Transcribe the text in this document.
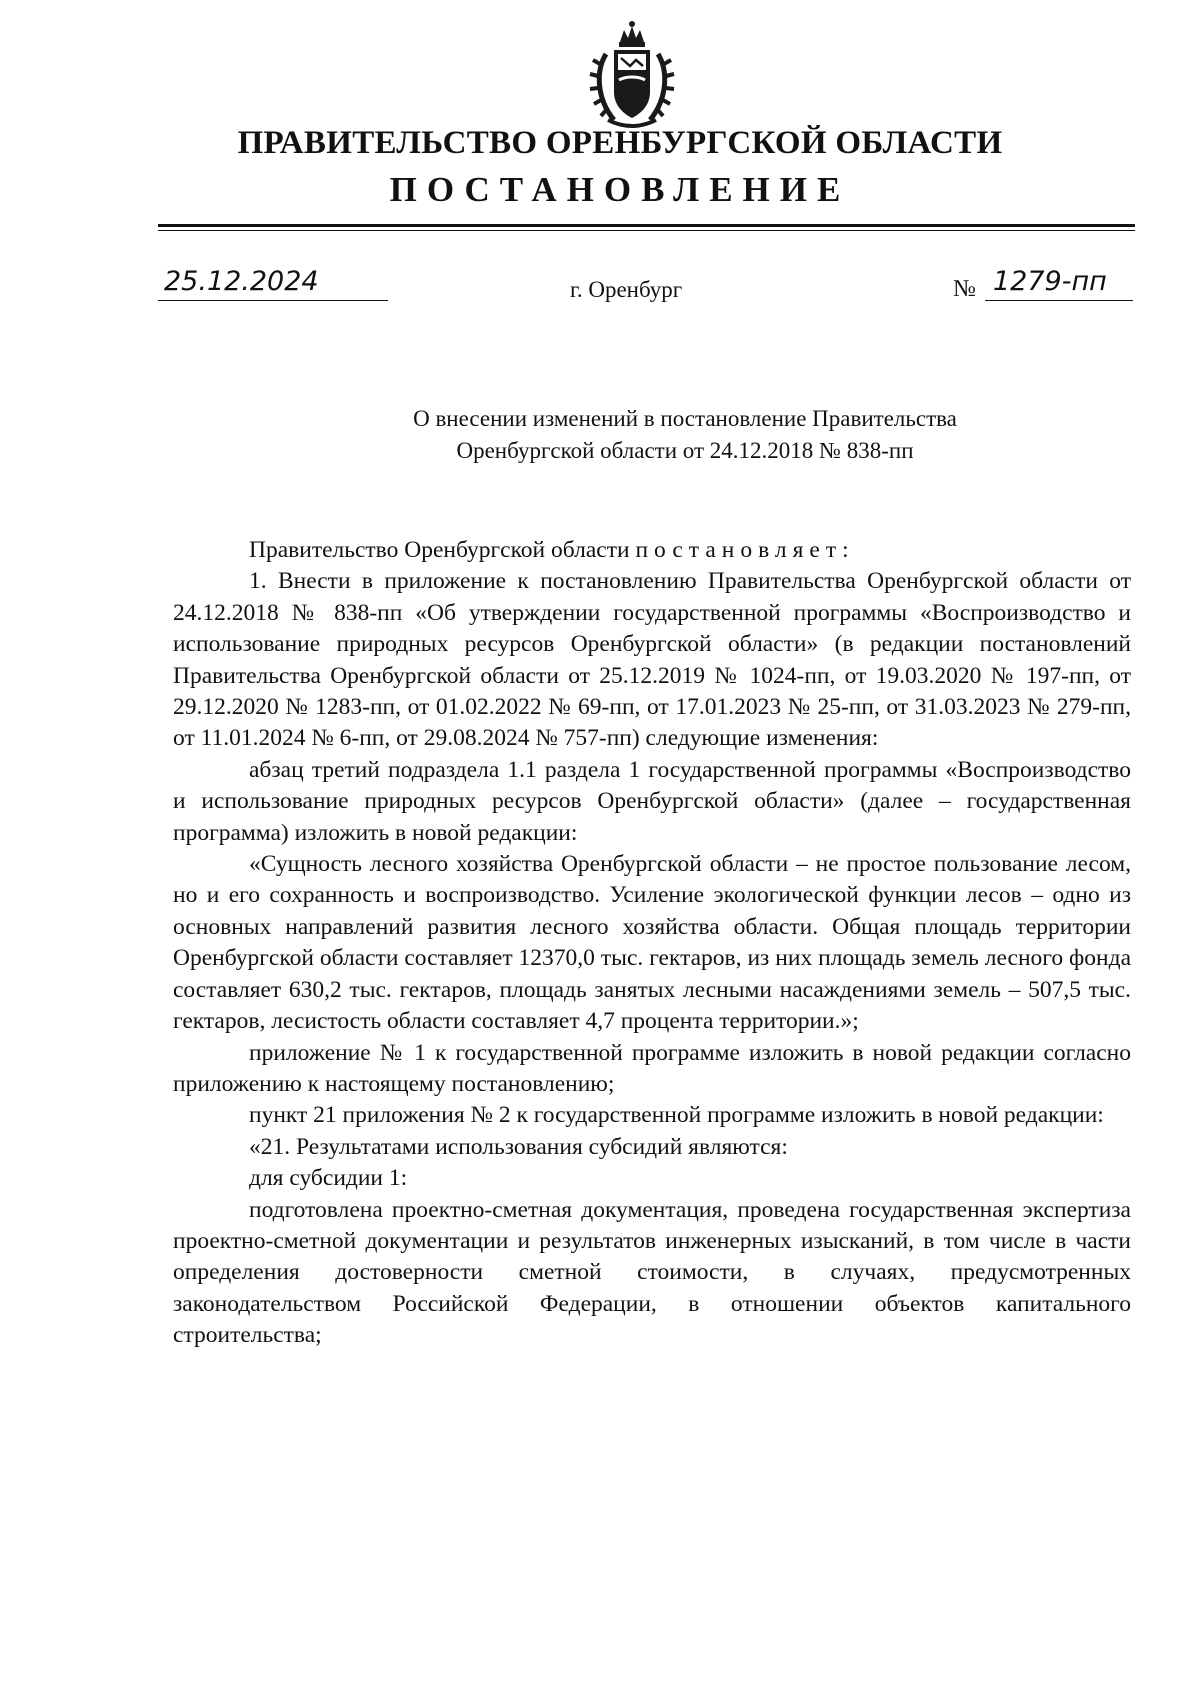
ПРАВИТЕЛЬСТВО ОРЕНБУРГСКОЙ ОБЛАСТИ
ПОСТАНОВЛЕНИЕ
25.12.2024	г. Оренбург	№ 1279-пп
О внесении изменений в постановление Правительства
Оренбургской области от 24.12.2018 № 838-пп

Правительство Оренбургской области постановляет:

1. Внести в приложение к постановлению Правительства Оренбургской области от 24.12.2018 № 838-пп «Об утверждении государственной программы «Воспроизводство и использование природных ресурсов Оренбургской области» (в редакции постановлений Правительства Оренбургской области от 25.12.2019 № 1024-пп, от 19.03.2020 № 197-пп, от 29.12.2020 № 1283-пп, от 01.02.2022 № 69-пп, от 17.01.2023 № 25-пп, от 31.03.2023 № 279-пп, от 11.01.2024 № 6-пп, от 29.08.2024 № 757-пп) следующие изменения:

абзац третий подраздела 1.1 раздела 1 государственной программы «Воспроизводство и использование природных ресурсов Оренбургской области» (далее – государственная программа) изложить в новой редакции:

«Сущность лесного хозяйства Оренбургской области – не простое пользование лесом, но и его сохранность и воспроизводство. Усиление экологической функции лесов – одно из основных направлений развития лесного хозяйства области. Общая площадь территории Оренбургской области составляет 12370,0 тыс. гектаров, из них площадь земель лесного фонда составляет 630,2 тыс. гектаров, площадь занятых лесными насаждениями земель – 507,5 тыс. гектаров, лесистость области составляет 4,7 процента территории.»;

приложение № 1 к государственной программе изложить в новой редакции согласно приложению к настоящему постановлению;

пункт 21 приложения № 2 к государственной программе изложить в новой редакции:

«21. Результатами использования субсидий являются:

для субсидии 1:

подготовлена проектно-сметная документация, проведена государственная экспертиза проектно-сметной документации и результатов инженерных изысканий, в том числе в части определения достоверности сметной стоимости, в случаях, предусмотренных законодательством Российской Федерации, в отношении объектов капитального строительства;
